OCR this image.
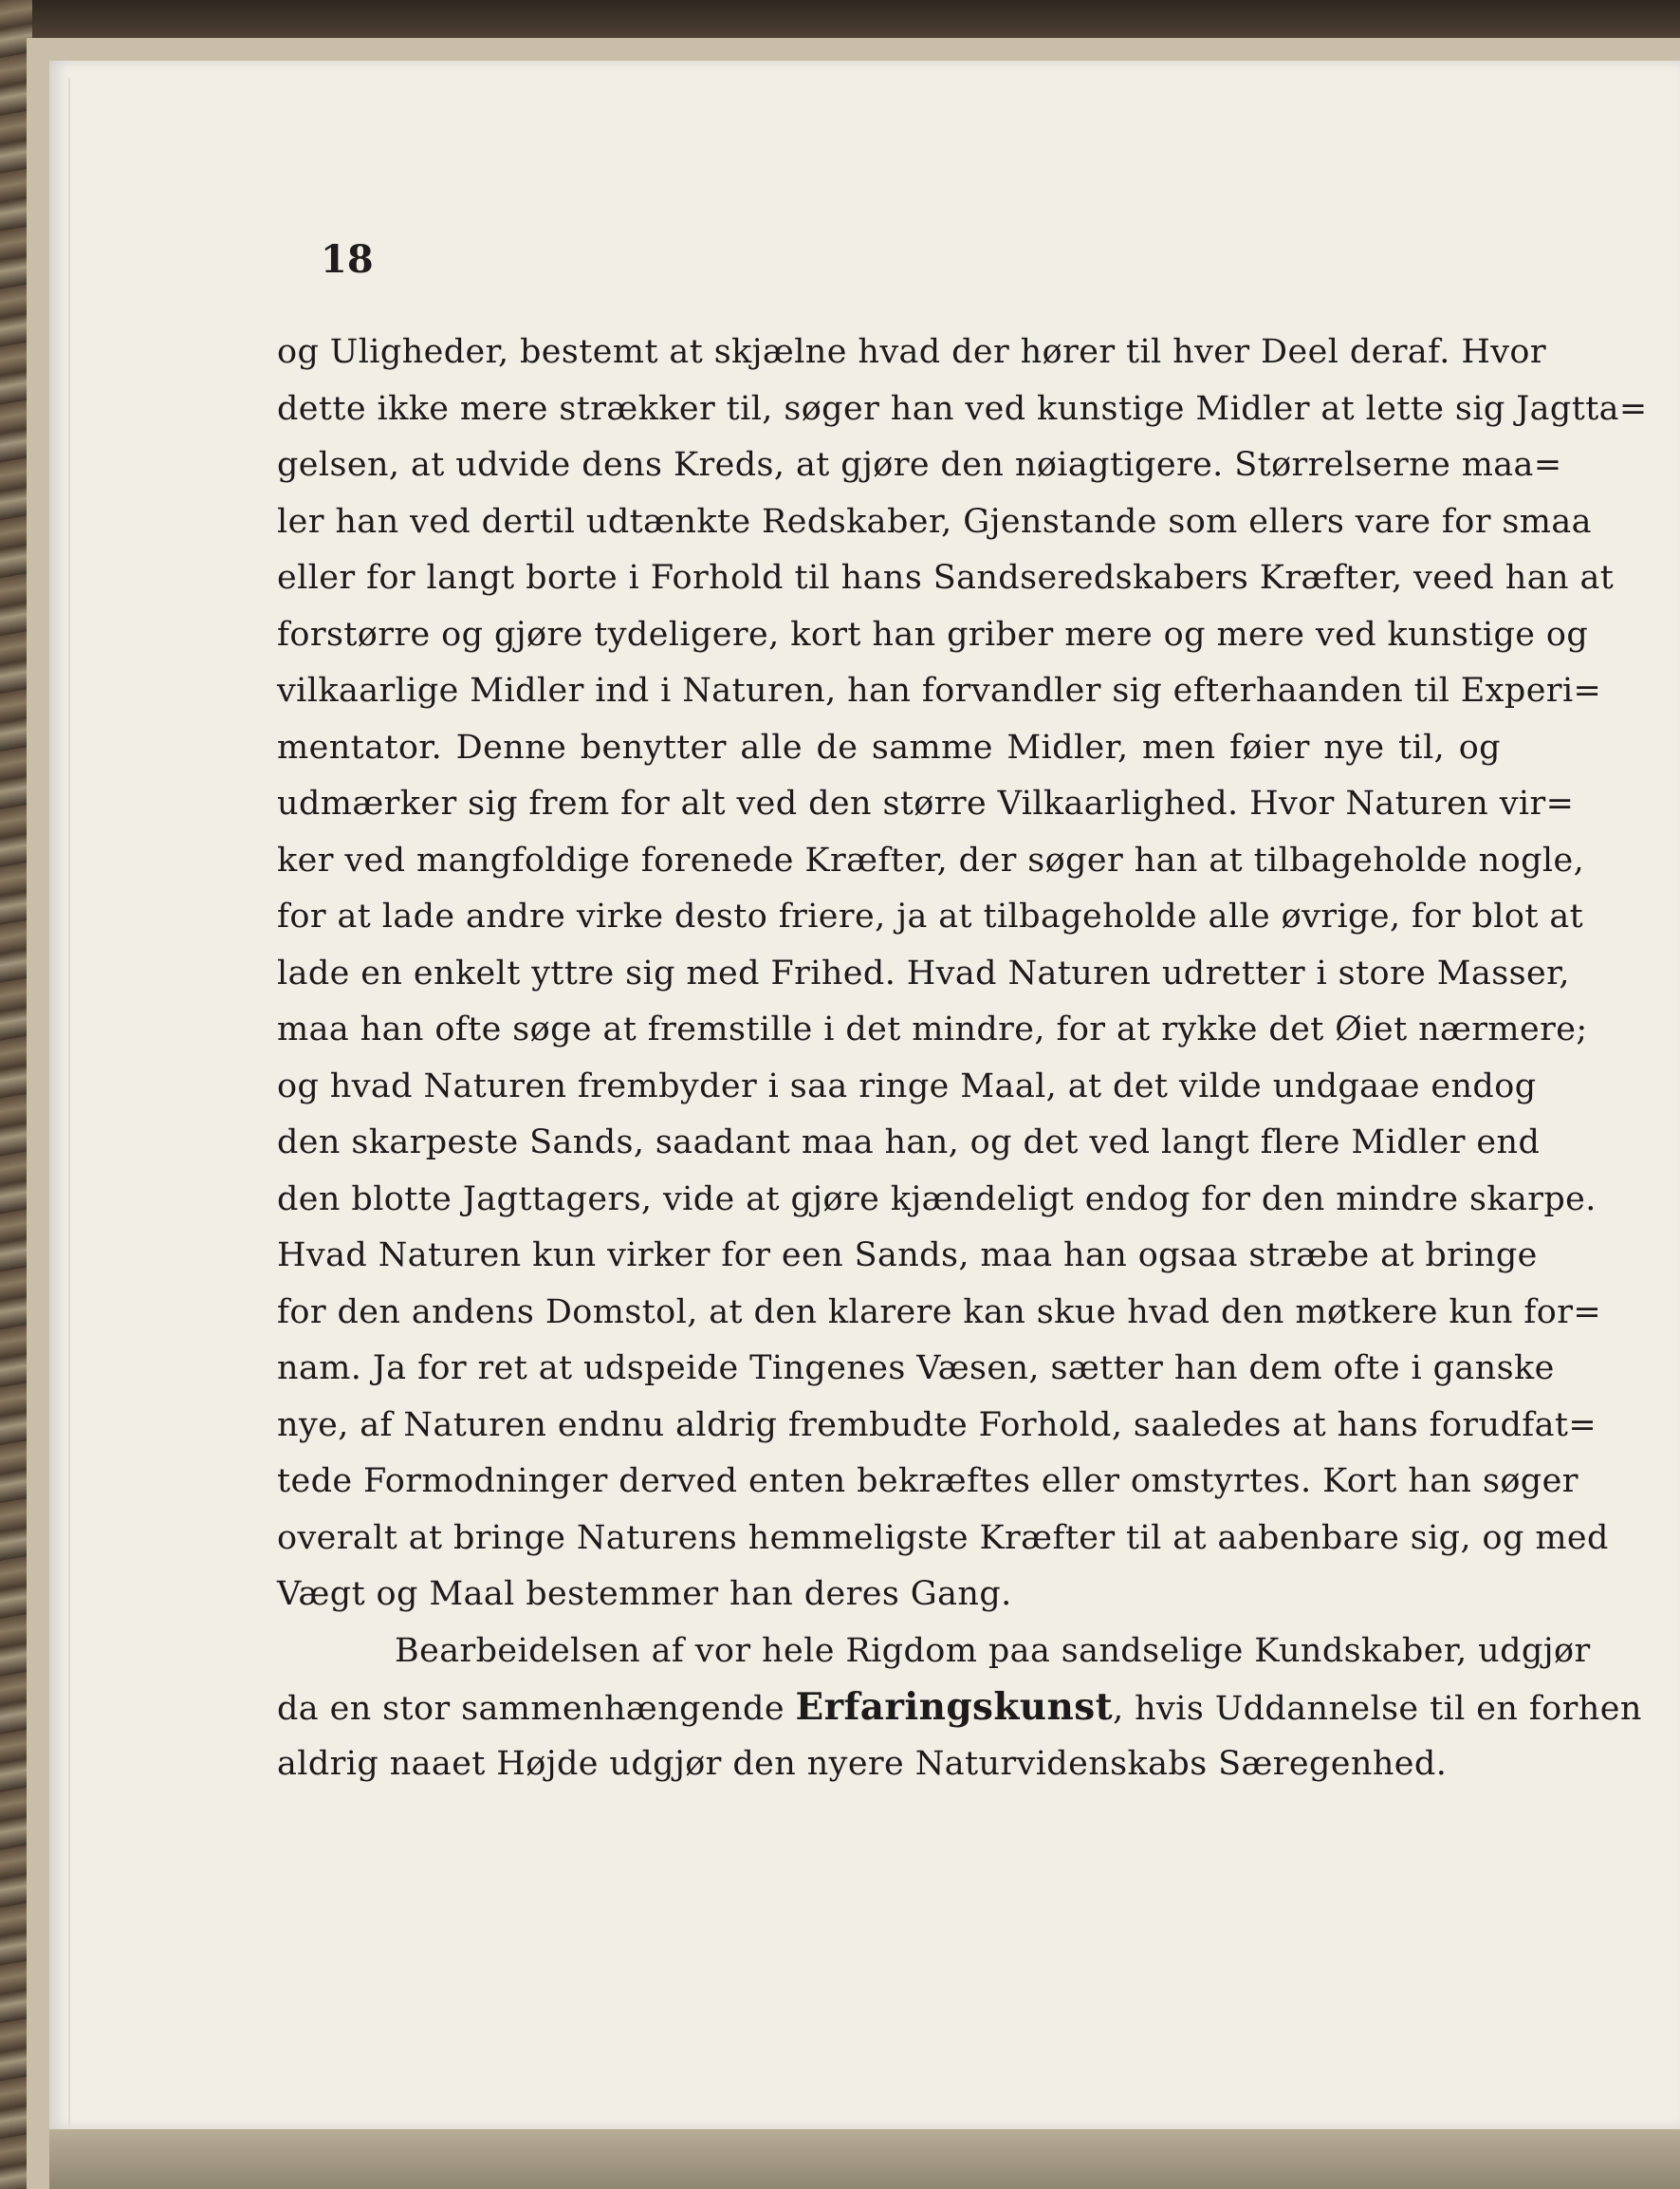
18
og Uligheder, bestemt at skjælne hvad der hører til hver Deel deraf. Hvor
dette ikke mere strækker til, søger han ved kunstige Midler at lette sig Jagtta=
gelsen, at udvide dens Kreds, at gjøre den nøiagtigere. Størrelserne maa=
ler han ved dertil udtænkte Redskaber, Gjenstande som ellers vare for smaa
eller for langt borte i Forhold til hans Sandseredskabers Kræfter, veed han at
forstørre og gjøre tydeligere, kort han griber mere og mere ved kunstige og
vilkaarlige Midler ind i Naturen, han forvandler sig efterhaanden til Experi=
mentator. Denne benytter alle de samme Midler, men føier nye til, og
udmærker sig frem for alt ved den større Vilkaarlighed. Hvor Naturen vir=
ker ved mangfoldige forenede Kræfter, der søger han at tilbageholde nogle,
for at lade andre virke desto friere, ja at tilbageholde alle øvrige, for blot at
lade en enkelt yttre sig med Frihed. Hvad Naturen udretter i store Masser,
maa han ofte søge at fremstille i det mindre, for at rykke det Øiet nærmere;
og hvad Naturen frembyder i saa ringe Maal, at det vilde undgaae endog
den skarpeste Sands, saadant maa han, og det ved langt flere Midler end
den blotte Jagttagers, vide at gjøre kjændeligt endog for den mindre skarpe.
Hvad Naturen kun virker for een Sands, maa han ogsaa stræbe at bringe
for den andens Domstol, at den klarere kan skue hvad den møtkere kun for=
nam. Ja for ret at udspeide Tingenes Væsen, sætter han dem ofte i ganske
nye, af Naturen endnu aldrig frembudte Forhold, saaledes at hans forudfat=
tede Formodninger derved enten bekræftes eller omstyrtes. Kort han søger
overalt at bringe Naturens hemmeligste Kræfter til at aabenbare sig, og med
Vægt og Maal bestemmer han deres Gang.
Bearbeidelsen af vor hele Rigdom paa sandselige Kundskaber, udgjør
da en stor sammenhængende Erfaringskunst, hvis Uddannelse til en forhen
aldrig naaet Højde udgjør den nyere Naturvidenskabs Særegenhed.
